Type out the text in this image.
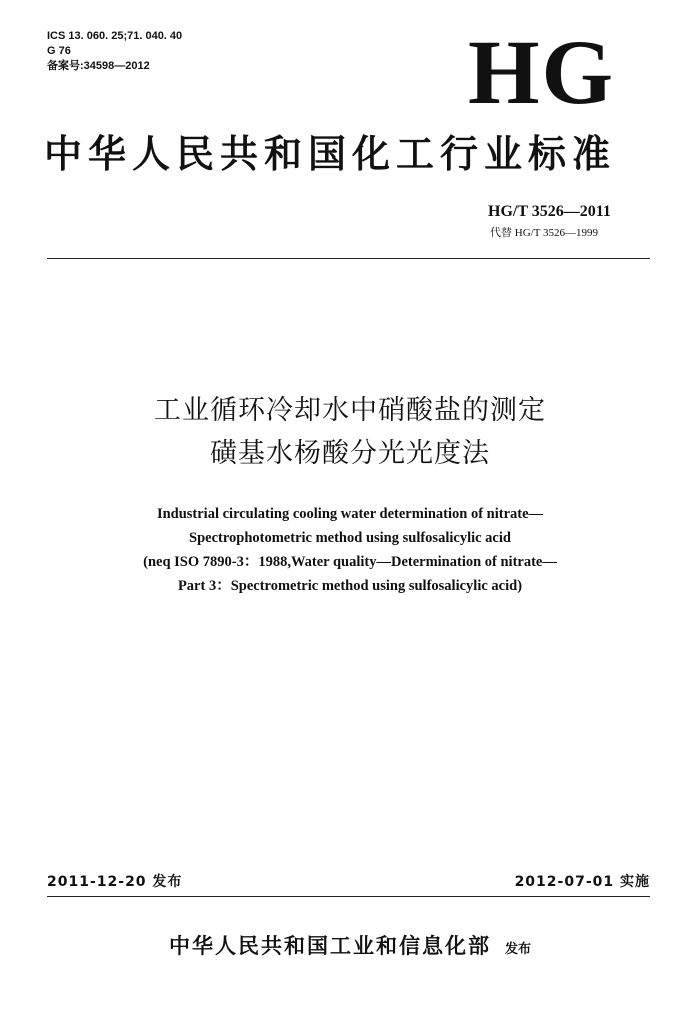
ICS 13. 060. 25;71. 040. 40
G 76
备案号:34598—2012	HG
中华人民共和国化工行业标准
HG/T 3526—2011
代替 HG/T 3526—1999
工业循环冷却水中硝酸盐的测定
磺基水杨酸分光光度法
Industrial circulating cooling water determination of nitrate—
Spectrophotometric method using sulfosalicylic acid
(neq ISO 7890-3：1988,Water quality—Determination of nitrate—
Part 3：Spectrometric method using sulfosalicylic acid)
2011-12-20 发布	2012-07-01 实施
中华人民共和国工业和信息化部 发布
